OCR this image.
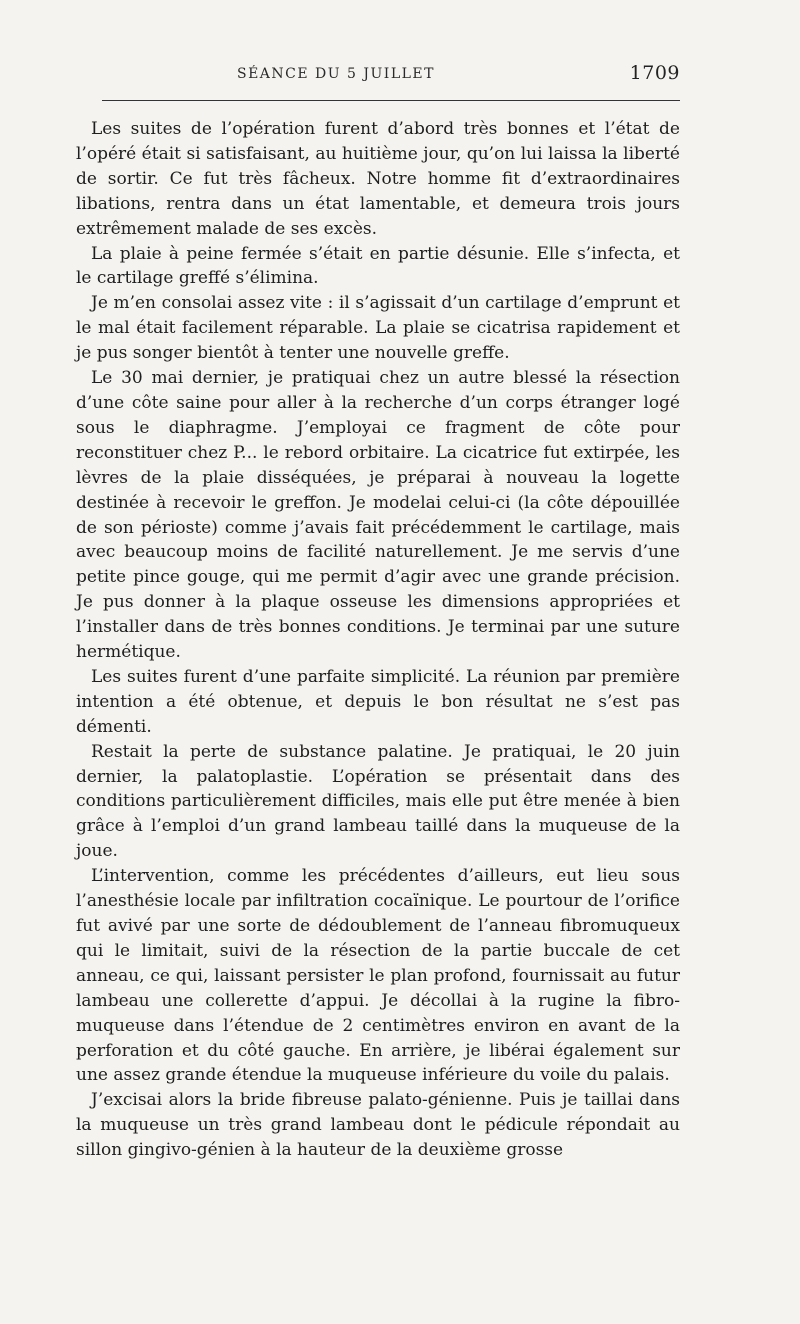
SÉANCE DU 5 JUILLET	1709

Les suites de l’opération furent d’abord très bonnes et l’état de l’opéré était si satisfaisant, au huitième jour, qu’on lui laissa la liberté de sortir. Ce fut très fâcheux. Notre homme fit d’extraordinaires libations, rentra dans un état lamentable, et demeura trois jours extrêmement malade de ses excès.

La plaie à peine fermée s’était en partie désunie. Elle s’infecta, et le cartilage greffé s’élimina.

Je m’en consolai assez vite : il s’agissait d’un cartilage d’emprunt et le mal était facilement réparable. La plaie se cicatrisa rapidement et je pus songer bientôt à tenter une nouvelle greffe.

Le 30 mai dernier, je pratiquai chez un autre blessé la résection d’une côte saine pour aller à la recherche d’un corps étranger logé sous le diaphragme. J’employai ce fragment de côte pour reconstituer chez P... le rebord orbitaire. La cicatrice fut extirpée, les lèvres de la plaie disséquées, je préparai à nouveau la logette destinée à recevoir le greffon. Je modelai celui-ci (la côte dépouillée de son périoste) comme j’avais fait précédemment le cartilage, mais avec beaucoup moins de facilité naturellement. Je me servis d’une petite pince gouge, qui me permit d’agir avec une grande précision. Je pus donner à la plaque osseuse les dimensions appropriées et l’installer dans de très bonnes conditions. Je terminai par une suture hermétique.

Les suites furent d’une parfaite simplicité. La réunion par première intention a été obtenue, et depuis le bon résultat ne s’est pas démenti.

Restait la perte de substance palatine. Je pratiquai, le 20 juin dernier, la palatoplastie. L’opération se présentait dans des conditions particulièrement difficiles, mais elle put être menée à bien grâce à l’emploi d’un grand lambeau taillé dans la muqueuse de la joue.

L’intervention, comme les précédentes d’ailleurs, eut lieu sous l’anesthésie locale par infiltration cocaïnique. Le pourtour de l’orifice fut avivé par une sorte de dédoublement de l’anneau fibromuqueux qui le limitait, suivi de la résection de la partie buccale de cet anneau, ce qui, laissant persister le plan profond, fournissait au futur lambeau une collerette d’appui. Je décollai à la rugine la fibro-muqueuse dans l’étendue de 2 centimètres environ en avant de la perforation et du côté gauche. En arrière, je libérai également sur une assez grande étendue la muqueuse inférieure du voile du palais.

J’excisai alors la bride fibreuse palato-génienne. Puis je taillai dans la muqueuse un très grand lambeau dont le pédicule répondait au sillon gingivo-génien à la hauteur de la deuxième grosse
